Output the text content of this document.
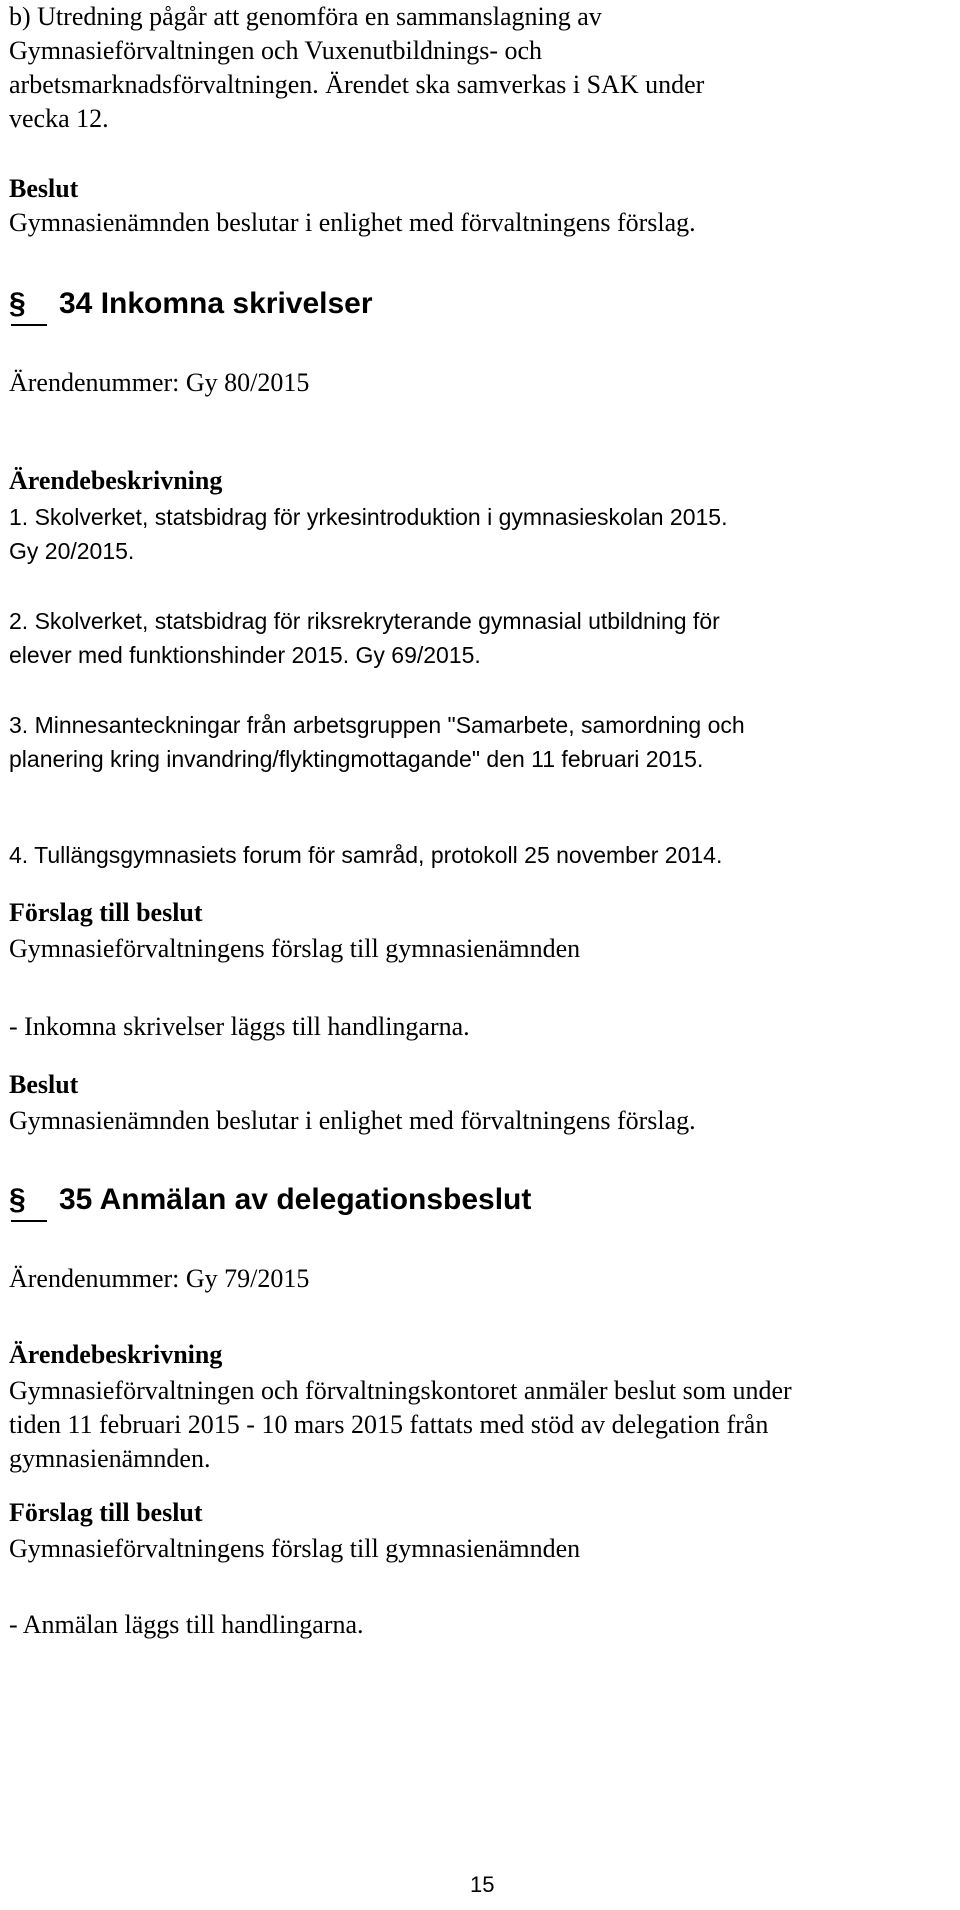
b) Utredning pågår att genomföra en sammanslagning av
Gymnasieförvaltningen och Vuxenutbildnings- och
arbetsmarknadsförvaltningen. Ärendet ska samverkas i SAK under
vecka 12.
Beslut
Gymnasienämnden beslutar i enlighet med förvaltningens förslag.
§ 34 Inkomna skrivelser
Ärendenummer: Gy 80/2015
Ärendebeskrivning
1. Skolverket, statsbidrag för yrkesintroduktion i gymnasieskolan 2015.
Gy 20/2015.
2. Skolverket, statsbidrag för riksrekryterande gymnasial utbildning för
elever med funktionshinder 2015. Gy 69/2015.
3. Minnesanteckningar från arbetsgruppen "Samarbete, samordning och
planering kring invandring/flyktingmottagande" den 11 februari 2015.
4. Tullängsgymnasiets forum för samråd, protokoll 25 november 2014.
Förslag till beslut
Gymnasieförvaltningens förslag till gymnasienämnden
- Inkomna skrivelser läggs till handlingarna.
Beslut
Gymnasienämnden beslutar i enlighet med förvaltningens förslag.
§ 35 Anmälan av delegationsbeslut
Ärendenummer: Gy 79/2015
Ärendebeskrivning
Gymnasieförvaltningen och förvaltningskontoret anmäler beslut som under
tiden 11 februari 2015 - 10 mars 2015 fattats med stöd av delegation från
gymnasienämnden.
Förslag till beslut
Gymnasieförvaltningens förslag till gymnasienämnden
- Anmälan läggs till handlingarna.
15
